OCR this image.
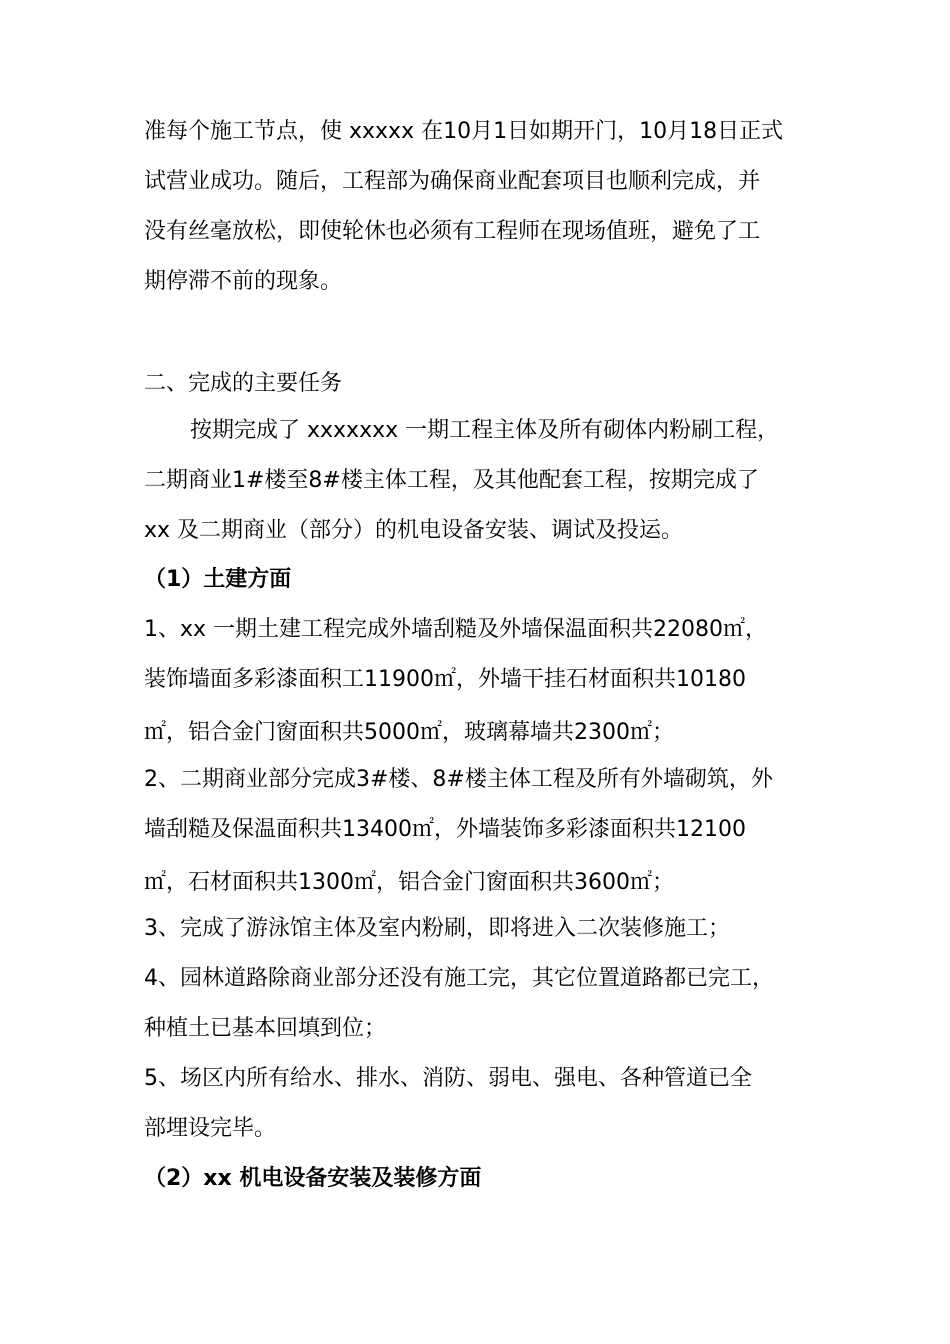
准每个施工节点，使 xxxxx 在10月1日如期开门，10月18日正式
试营业成功。随后，工程部为确保商业配套项目也顺利完成，并
没有丝毫放松，即使轮休也必须有工程师在现场值班，避免了工
期停滞不前的现象。
二、完成的主要任务
按期完成了 xxxxxxx 一期工程主体及所有砌体内粉刷工程，
二期商业1#楼至8#楼主体工程，及其他配套工程，按期完成了
xx 及二期商业（部分）的机电设备安装、调试及投运。
（1）土建方面
1、xx 一期土建工程完成外墙刮糙及外墙保温面积共22080㎡，
装饰墙面多彩漆面积工11900㎡，外墙干挂石材面积共10180
㎡，铝合金门窗面积共5000㎡，玻璃幕墙共2300㎡；
2、二期商业部分完成3#楼、8#楼主体工程及所有外墙砌筑，外
墙刮糙及保温面积共13400㎡，外墙装饰多彩漆面积共12100
㎡，石材面积共1300㎡，铝合金门窗面积共3600㎡；
3、完成了游泳馆主体及室内粉刷，即将进入二次装修施工；
4、园林道路除商业部分还没有施工完，其它位置道路都已完工，
种植土已基本回填到位；
5、场区内所有给水、排水、消防、弱电、强电、各种管道已全
部埋设完毕。
（2）xx 机电设备安装及装修方面
